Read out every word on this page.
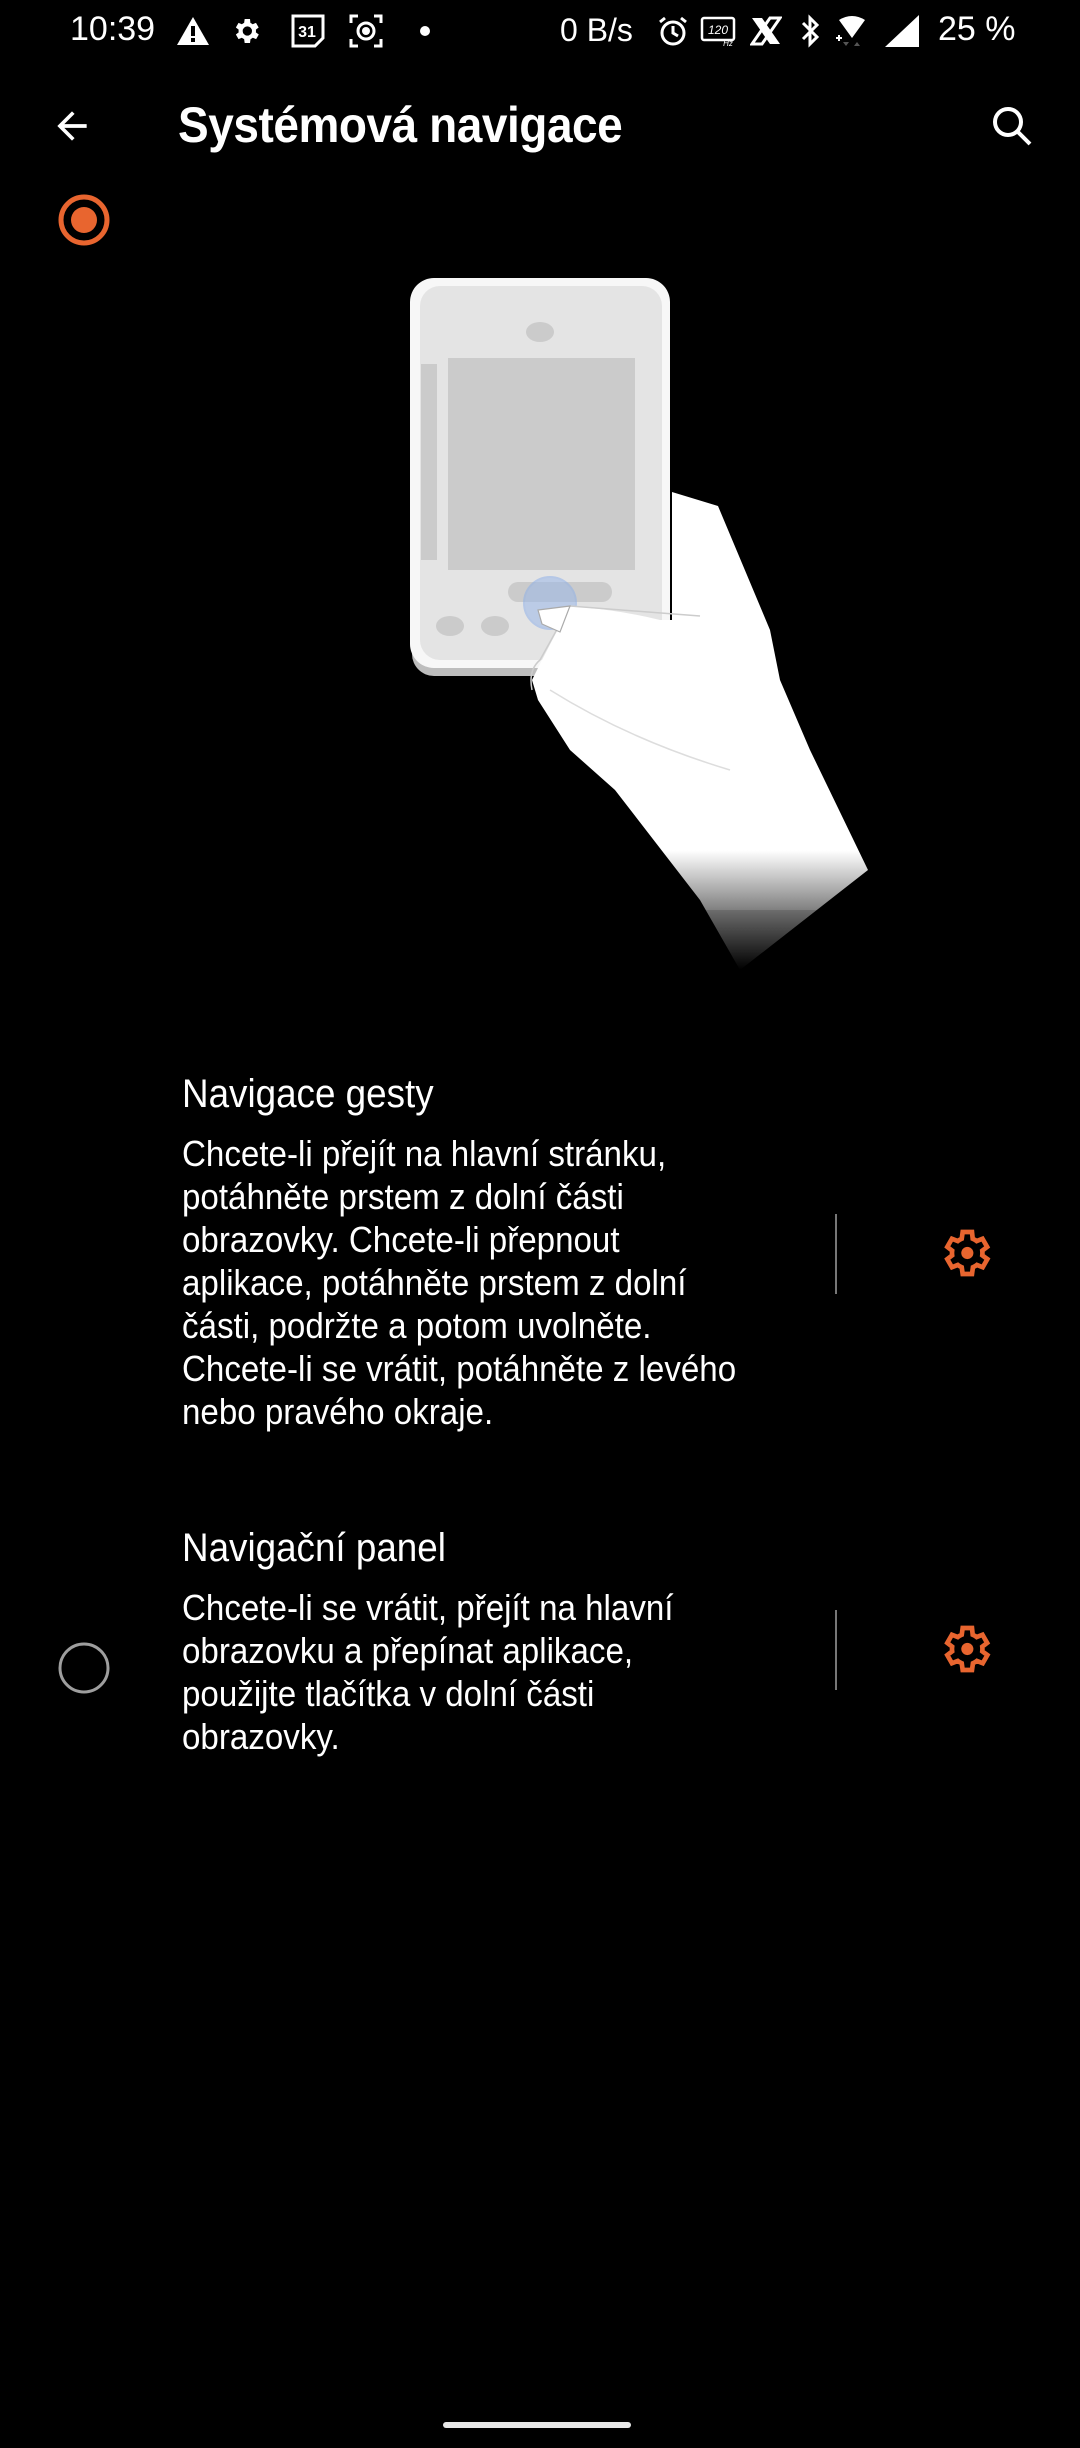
10:39	31	0 B/s	120
Hz	25 %
Systémová navigace
Navigace gesty
Chcete-li přejít na hlavní stránku, potáhněte prstem z dolní části obrazovky. Chcete-li přepnout aplikace, potáhněte prstem z dolní části, podržte a potom uvolněte. Chcete-li se vrátit, potáhněte z levého nebo pravého okraje.
Navigační panel
Chcete-li se vrátit, přejít na hlavní obrazovku a přepínat aplikace, použijte tlačítka v dolní části obrazovky.
